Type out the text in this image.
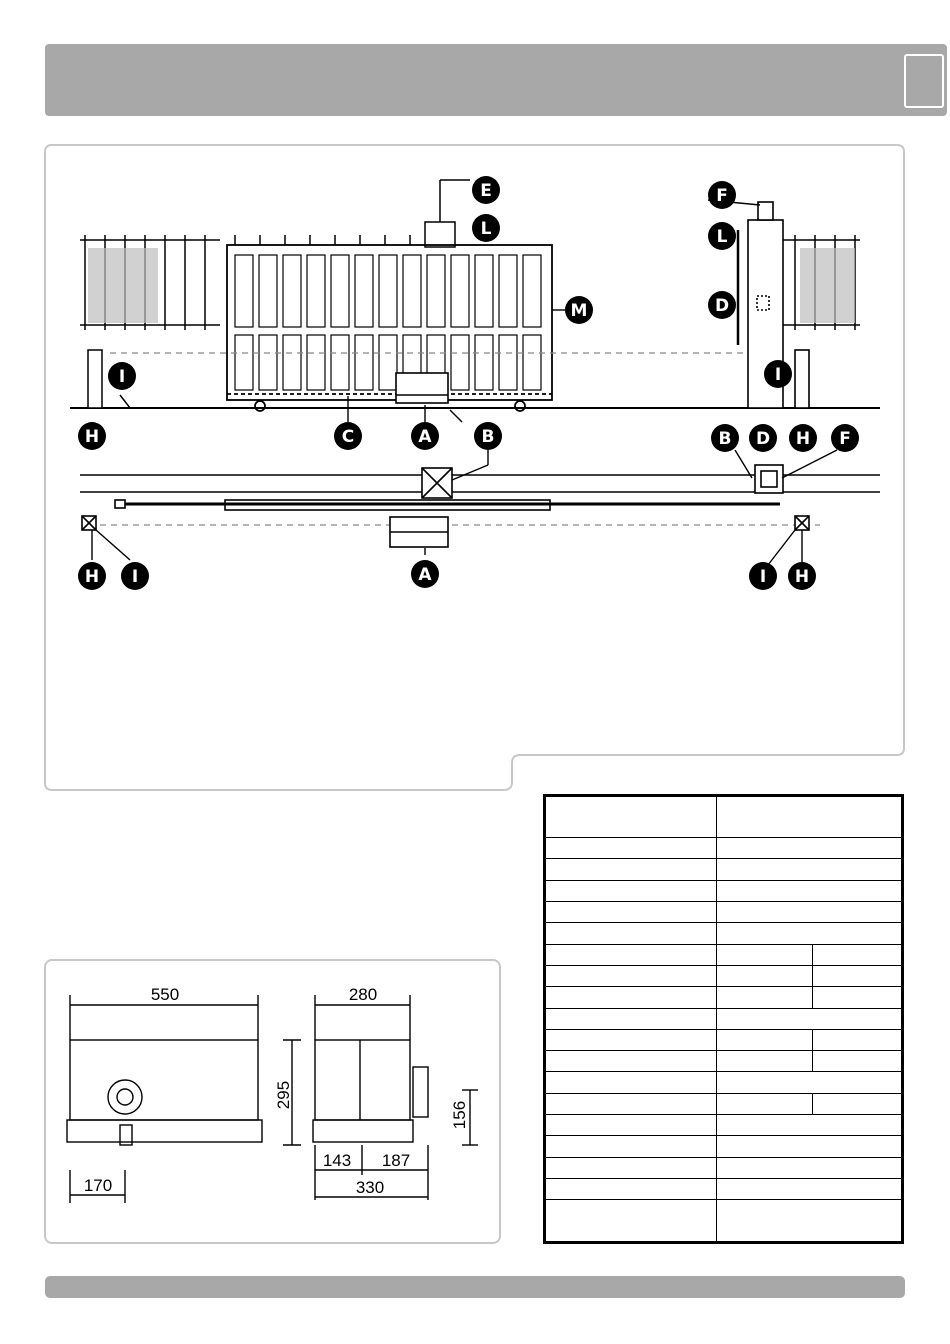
E
L
M
I
H	C	A	B
A
H I
F
L
D
I
B D H F
I H
550	280
295
156
170
143 187
330
